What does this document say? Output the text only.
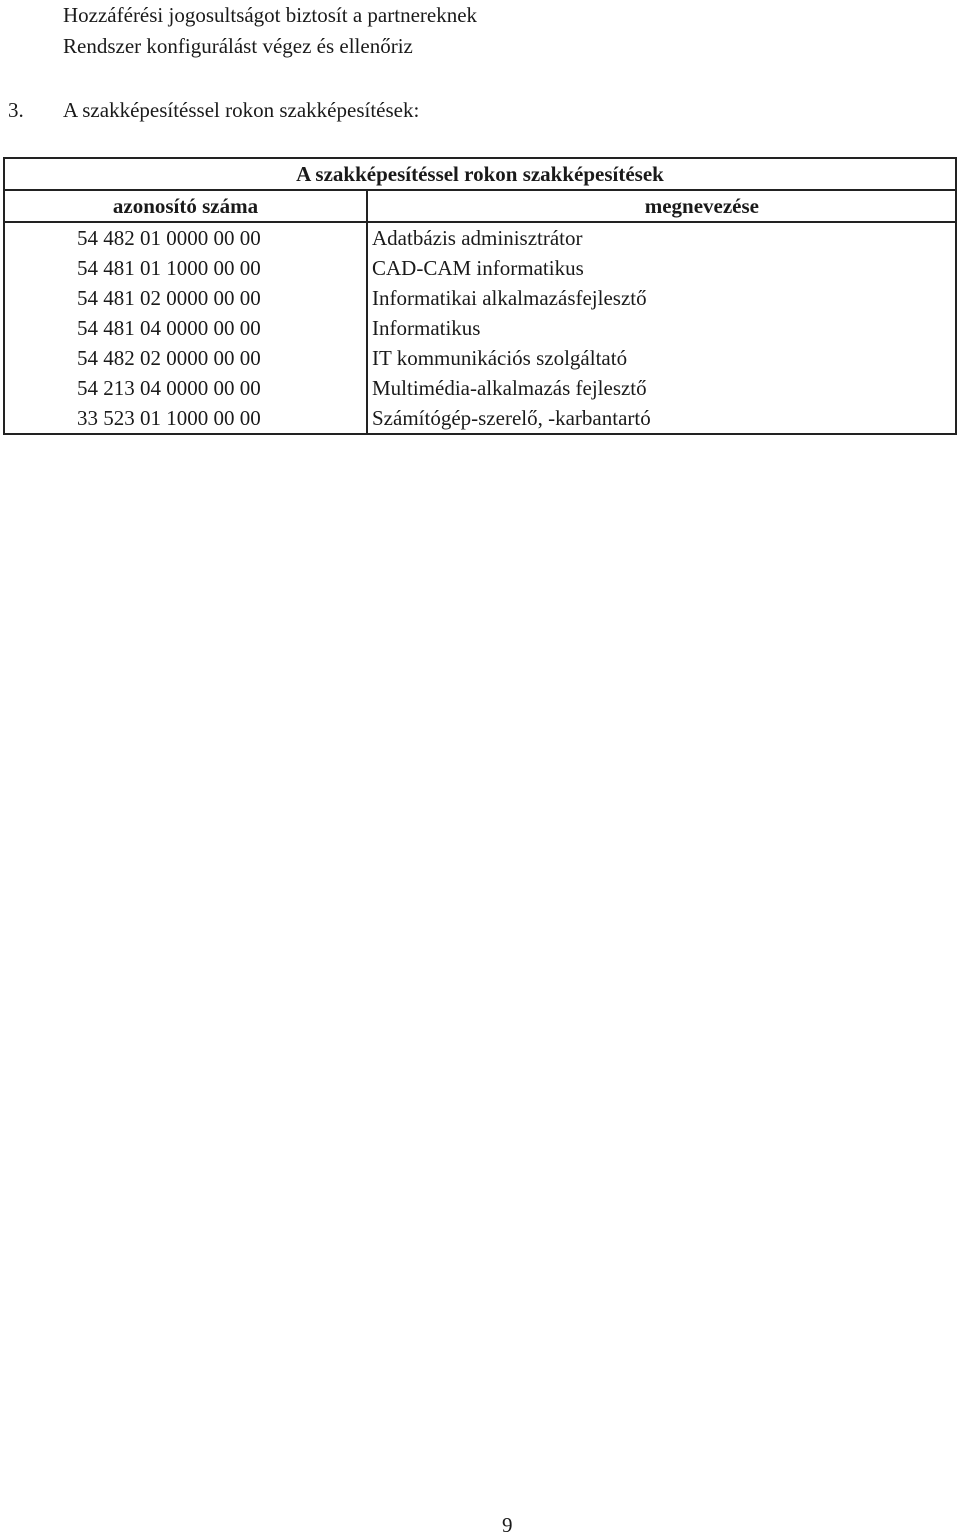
Hozzáférési jogosultságot biztosít a partnereknek
Rendszer konfigurálást végez és ellenőriz
3. A szakképesítéssel rokon szakképesítések:
A szakképesítéssel rokon szakképesítések	
azonosító száma	megnevezése
54 482 01 0000 00 00	Adatbázis adminisztrátor
54 481 01 1000 00 00	CAD-CAM informatikus
54 481 02 0000 00 00	Informatikai alkalmazásfejlesztő
54 481 04 0000 00 00	Informatikus
54 482 02 0000 00 00	IT kommunikációs szolgáltató
54 213 04 0000 00 00	Multimédia-alkalmazás fejlesztő
33 523 01 1000 00 00	Számítógép-szerelő, -karbantartó
9
